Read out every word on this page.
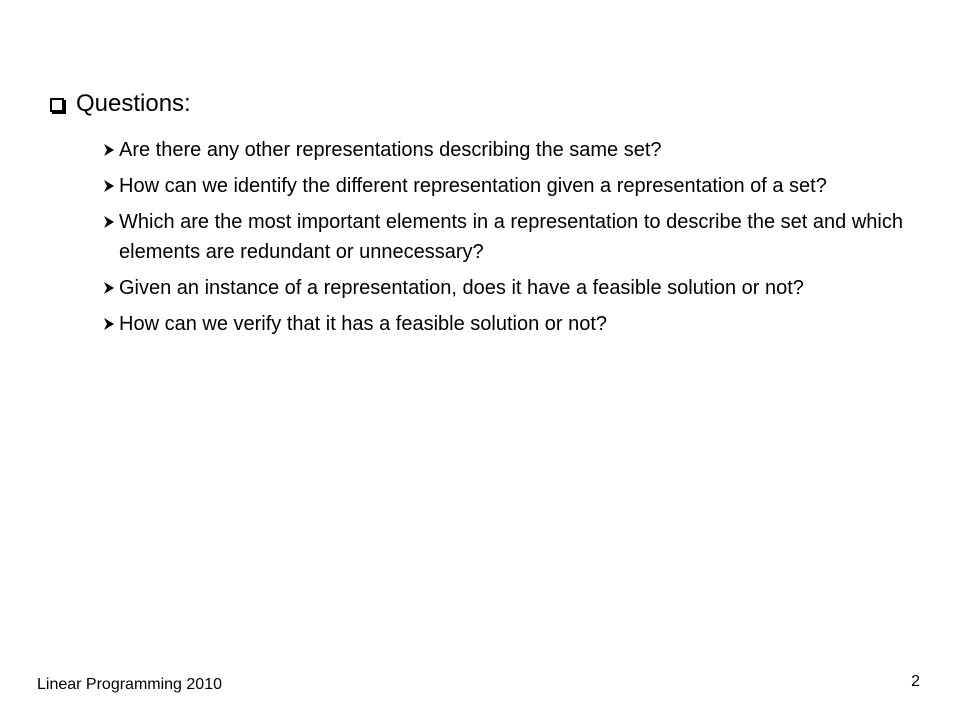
Questions:
Are there any other representations describing the same set?
How can we identify the different representation given a representation of a set?
Which are the most important elements in a representation to describe the set and which elements are redundant or unnecessary?
Given an instance of a representation, does it have a feasible solution or not?
How can we verify that it has a feasible solution or not?
Linear Programming 2010	2
